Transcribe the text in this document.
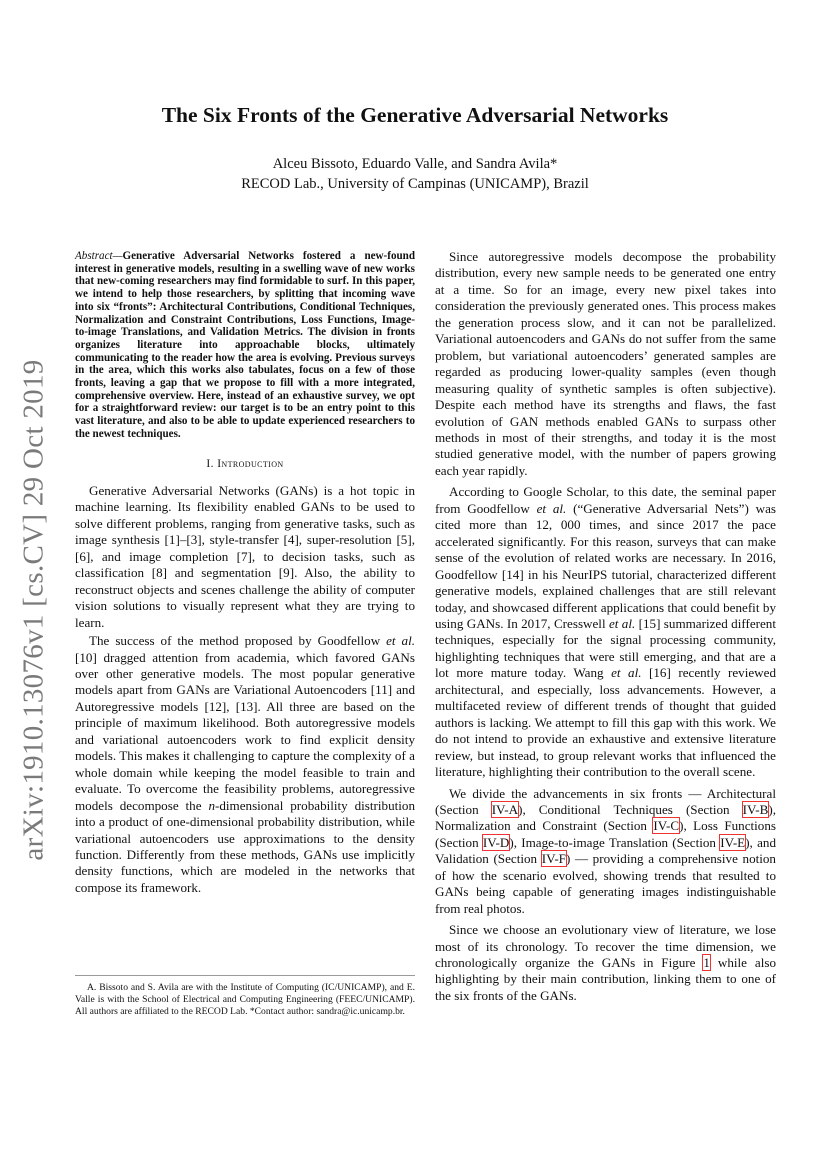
arXiv:1910.13076v1 [cs.CV] 29 Oct 2019
The Six Fronts of the Generative Adversarial Networks
Alceu Bissoto, Eduardo Valle, and Sandra Avila*
RECOD Lab., University of Campinas (UNICAMP), Brazil

Abstract—Generative Adversarial Networks fostered a new-found interest in generative models, resulting in a swelling wave of new works that new-coming researchers may find formidable to surf. In this paper, we intend to help those researchers, by splitting that incoming wave into six “fronts”: Architectural Contributions, Conditional Techniques, Normalization and Constraint Contributions, Loss Functions, Image-to-image Translations, and Validation Metrics. The division in fronts organizes literature into approachable blocks, ultimately communicating to the reader how the area is evolving. Previous surveys in the area, which this works also tabulates, focus on a few of those fronts, leaving a gap that we propose to fill with a more integrated, comprehensive overview. Here, instead of an exhaustive survey, we opt for a straightforward review: our target is to be an entry point to this vast literature, and also to be able to update experienced researchers to the newest techniques.

I. Introduction

Generative Adversarial Networks (GANs) is a hot topic in machine learning. Its flexibility enabled GANs to be used to solve different problems, ranging from generative tasks, such as image synthesis [1]–[3], style-transfer [4], super-resolution [5], [6], and image completion [7], to decision tasks, such as classification [8] and segmentation [9]. Also, the ability to reconstruct objects and scenes challenge the ability of computer vision solutions to visually represent what they are trying to learn.

The success of the method proposed by Goodfellow et al. [10] dragged attention from academia, which favored GANs over other generative models. The most popular generative models apart from GANs are Variational Autoencoders [11] and Autoregressive models [12], [13]. All three are based on the principle of maximum likelihood. Both autoregressive models and variational autoencoders work to find explicit density models. This makes it challenging to capture the complexity of a whole domain while keeping the model feasible to train and evaluate. To overcome the feasibility problems, autoregressive models decompose the n-dimensional probability distribution into a product of one-dimensional probability distribution, while variational autoencoders use approximations to the density function. Differently from these methods, GANs use implicitly density functions, which are modeled in the networks that compose its framework.

A. Bissoto and S. Avila are with the Institute of Computing (IC/UNICAMP), and E. Valle is with the School of Electrical and Computing Engineering (FEEC/UNICAMP). All authors are affiliated to the RECOD Lab. *Contact author: sandra@ic.unicamp.br.

Since autoregressive models decompose the probability distribution, every new sample needs to be generated one entry at a time. So for an image, every new pixel takes into consideration the previously generated ones. This process makes the generation process slow, and it can not be parallelized. Variational autoencoders and GANs do not suffer from the same problem, but variational autoencoders’ generated samples are regarded as producing lower-quality samples (even though measuring quality of synthetic samples is often subjective). Despite each method have its strengths and flaws, the fast evolution of GAN methods enabled GANs to surpass other methods in most of their strengths, and today it is the most studied generative model, with the number of papers growing each year rapidly.

According to Google Scholar, to this date, the seminal paper from Goodfellow et al. (“Generative Adversarial Nets”) was cited more than 12, 000 times, and since 2017 the pace accelerated significantly. For this reason, surveys that can make sense of the evolution of related works are necessary. In 2016, Goodfellow [14] in his NeurIPS tutorial, characterized different generative models, explained challenges that are still relevant today, and showcased different applications that could benefit by using GANs. In 2017, Cresswell et al. [15] summarized different techniques, especially for the signal processing community, highlighting techniques that were still emerging, and that are a lot more mature today. Wang et al. [16] recently reviewed architectural, and especially, loss advancements. However, a multifaceted review of different trends of thought that guided authors is lacking. We attempt to fill this gap with this work. We do not intend to provide an exhaustive and extensive literature review, but instead, to group relevant works that influenced the literature, highlighting their contribution to the overall scene.

We divide the advancements in six fronts — Architectural (Section IV-A), Conditional Techniques (Section IV-B), Normalization and Constraint (Section IV-C), Loss Functions (Section IV-D), Image-to-image Translation (Section IV-E), and Validation (Section IV-F) — providing a comprehensive notion of how the scenario evolved, showing trends that resulted to GANs being capable of generating images indistinguishable from real photos.

Since we choose an evolutionary view of literature, we lose most of its chronology. To recover the time dimension, we chronologically organize the GANs in Figure 1 while also highlighting by their main contribution, linking them to one of the six fronts of the GANs.
